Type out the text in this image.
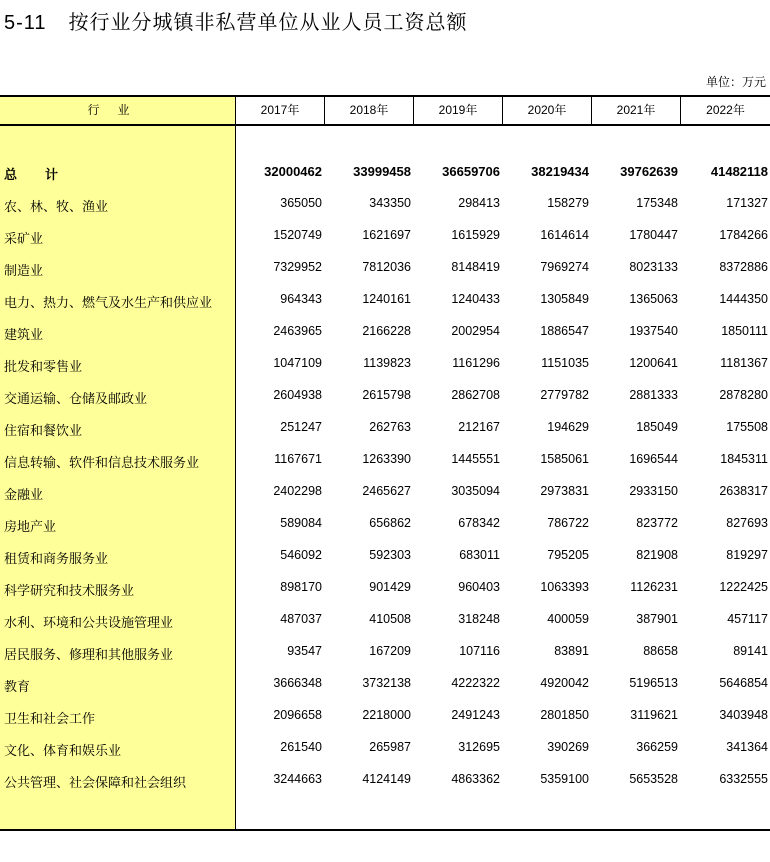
5-11 按行业分城镇非私营单位从业人员工资总额
单位：万元
行业	2017年	2018年	2019年	2020年	2021年	2022年
总计	32000462	33999458	36659706	38219434	39762639	41482118
农、林、牧、渔业	365050	343350	298413	158279	175348	171327
采矿业	1520749	1621697	1615929	1614614	1780447	1784266
制造业	7329952	7812036	8148419	7969274	8023133	8372886
电力、热力、燃气及水生产和供应业	964343	1240161	1240433	1305849	1365063	1444350
建筑业	2463965	2166228	2002954	1886547	1937540	1850111
批发和零售业	1047109	1139823	1161296	1151035	1200641	1181367
交通运输、仓储及邮政业	2604938	2615798	2862708	2779782	2881333	2878280
住宿和餐饮业	251247	262763	212167	194629	185049	175508
信息转输、软件和信息技术服务业	1167671	1263390	1445551	1585061	1696544	1845311
金融业	2402298	2465627	3035094	2973831	2933150	2638317
房地产业	589084	656862	678342	786722	823772	827693
租赁和商务服务业	546092	592303	683011	795205	821908	819297
科学研究和技术服务业	898170	901429	960403	1063393	1126231	1222425
水利、环境和公共设施管理业	487037	410508	318248	400059	387901	457117
居民服务、修理和其他服务业	93547	167209	107116	83891	88658	89141
教育	3666348	3732138	4222322	4920042	5196513	5646854
卫生和社会工作	2096658	2218000	2491243	2801850	3119621	3403948
文化、体育和娱乐业	261540	265987	312695	390269	366259	341364
公共管理、社会保障和社会组织	3244663	4124149	4863362	5359100	5653528	6332555
